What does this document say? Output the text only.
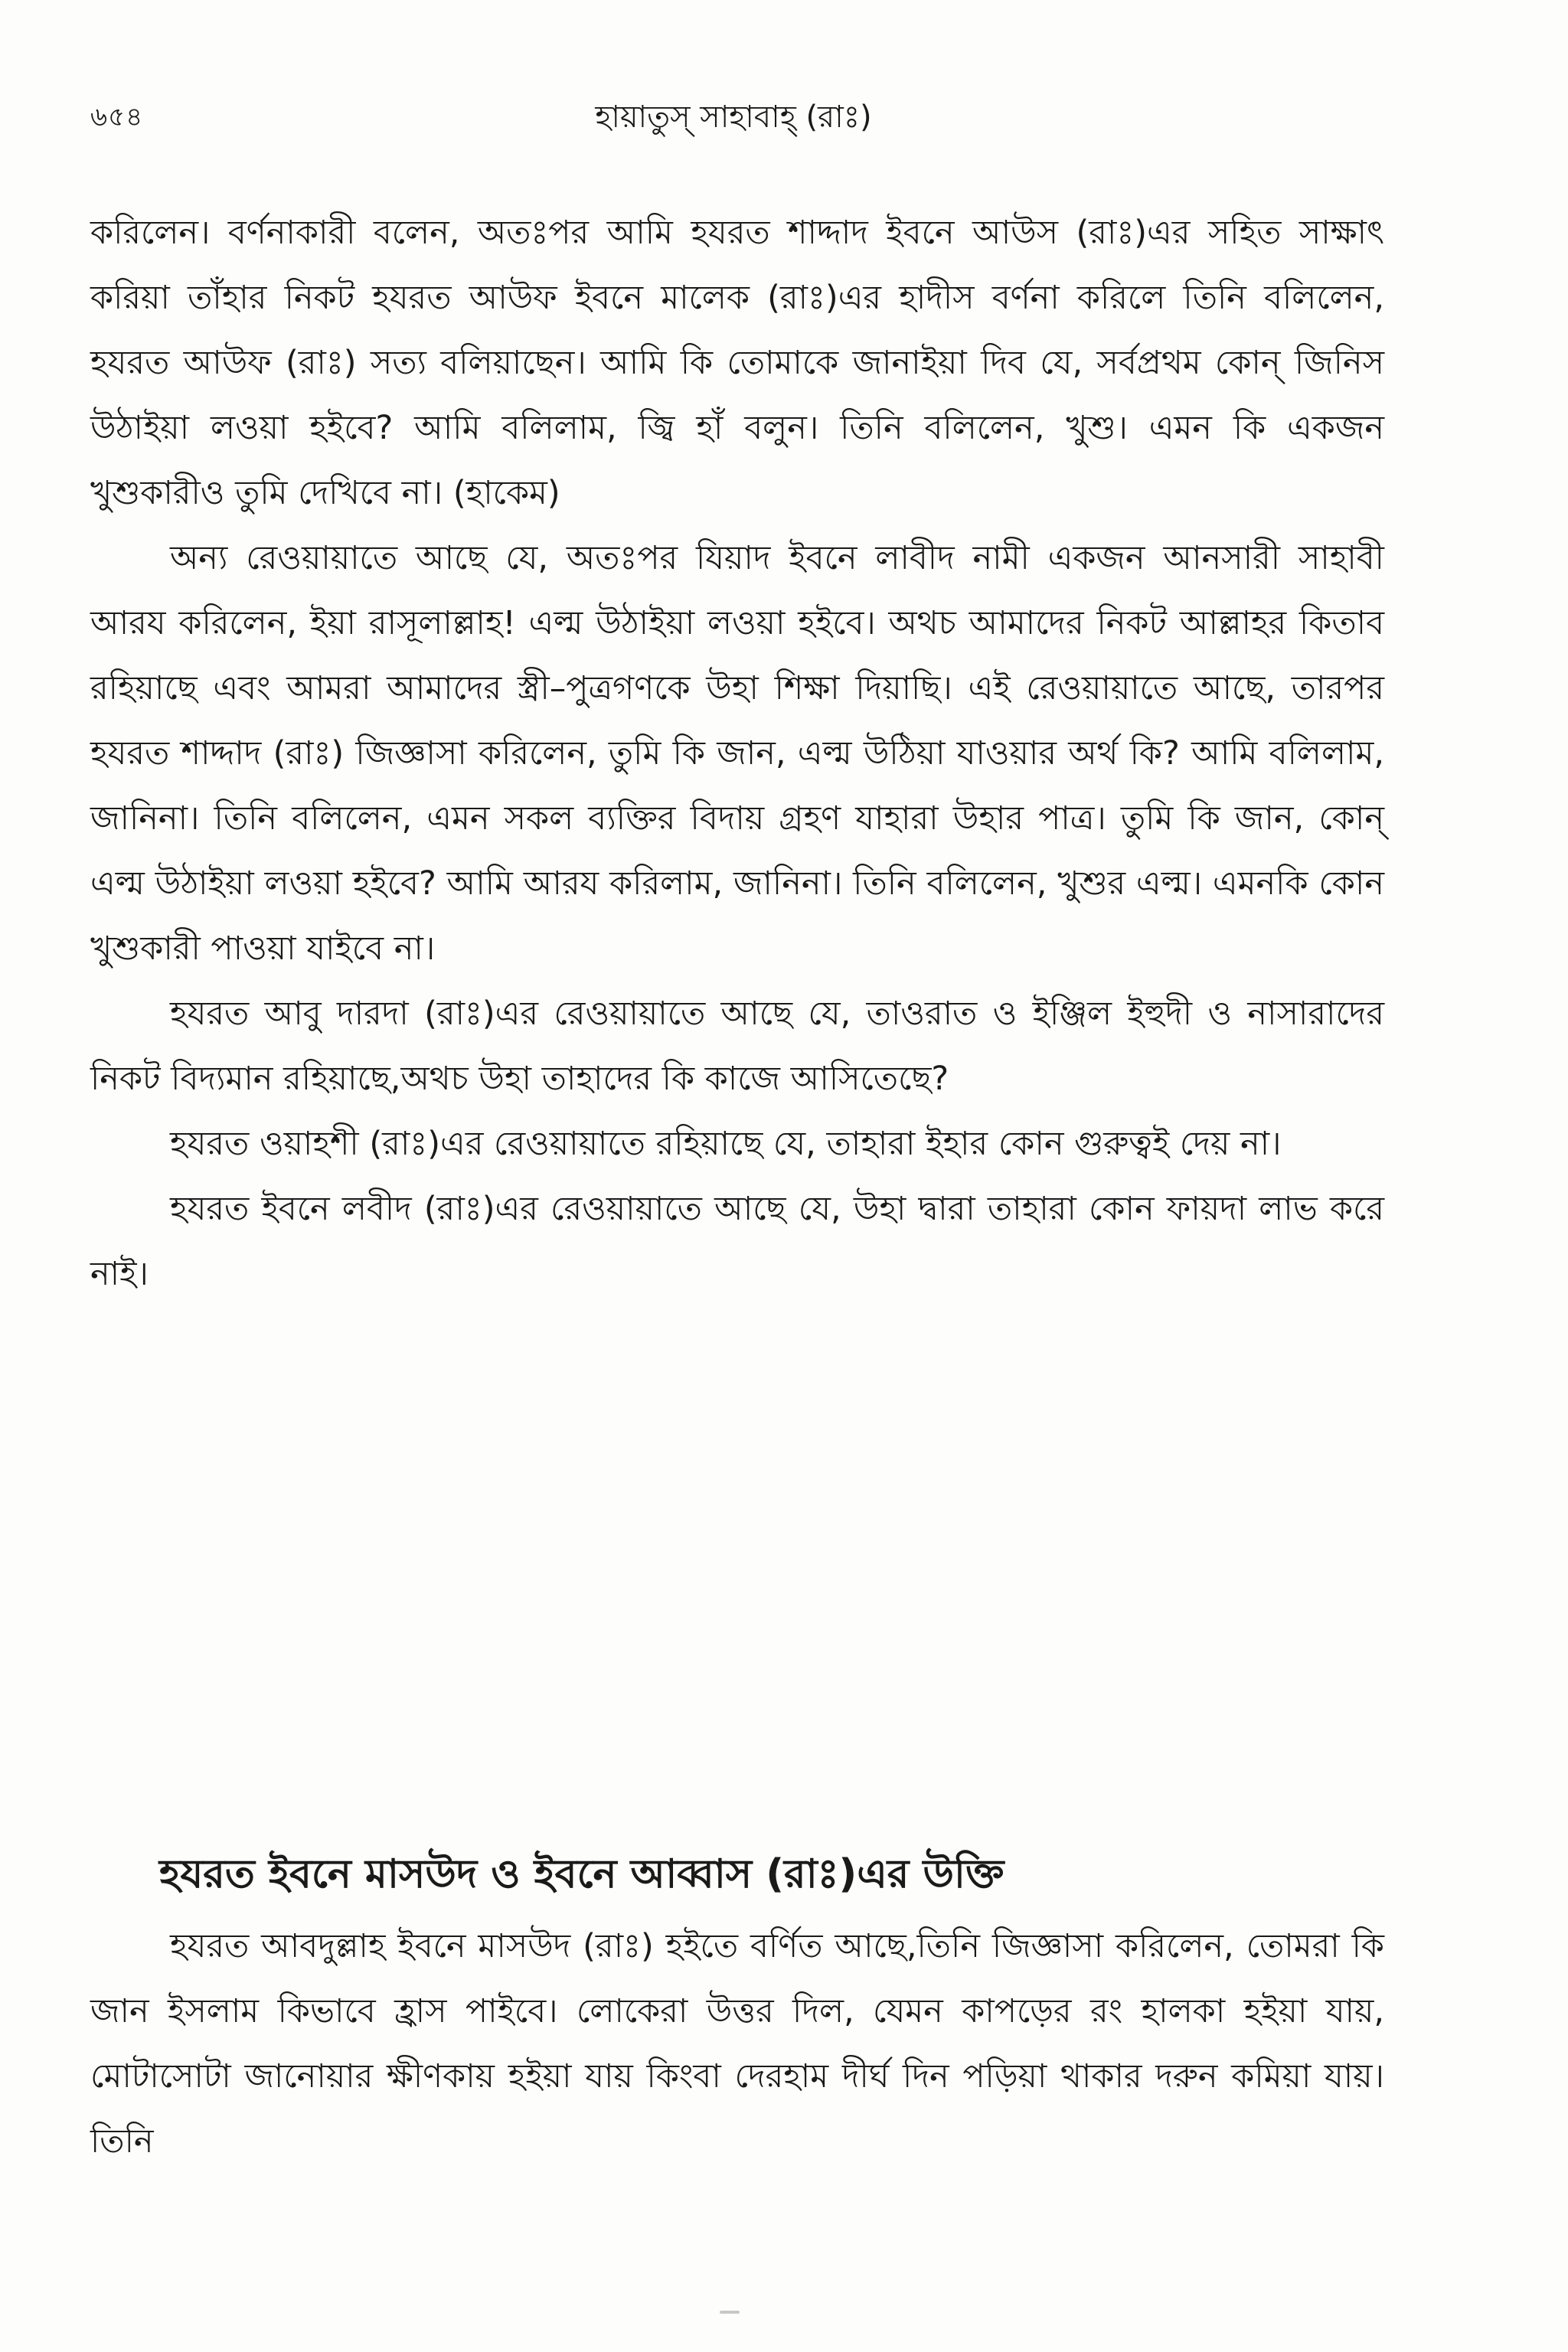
৬৫৪	হায়াতুস্ সাহাবাহ্ (রাঃ)

করিলেন। বর্ণনাকারী বলেন, অতঃপর আমি হযরত শাদ্দাদ ইবনে আউস (রাঃ)এর সহিত সাক্ষাৎ করিয়া তাঁহার নিকট হযরত আউফ ইবনে মালেক (রাঃ)এর হাদীস বর্ণনা করিলে তিনি বলিলেন, হযরত আউফ (রাঃ) সত্য বলিয়াছেন। আমি কি তোমাকে জানাইয়া দিব যে, সর্বপ্রথম কোন্ জিনিস উঠাইয়া লওয়া হইবে? আমি বলিলাম, জ্বি হাঁ বলুন। তিনি বলিলেন, খুশু। এমন কি একজন খুশুকারীও তুমি দেখিবে না। (হাকেম)

অন্য রেওয়ায়াতে আছে যে, অতঃপর যিয়াদ ইবনে লাবীদ নামী একজন আনসারী সাহাবী আরয করিলেন, ইয়া রাসূলাল্লাহ! এল্ম উঠাইয়া লওয়া হইবে। অথচ আমাদের নিকট আল্লাহর কিতাব রহিয়াছে এবং আমরা আমাদের স্ত্রী–পুত্রগণকে উহা শিক্ষা দিয়াছি। এই রেওয়ায়াতে আছে, তারপর হযরত শাদ্দাদ (রাঃ) জিজ্ঞাসা করিলেন, তুমি কি জান, এল্ম উঠিয়া যাওয়ার অর্থ কি? আমি বলিলাম, জানিনা। তিনি বলিলেন, এমন সকল ব্যক্তির বিদায় গ্রহণ যাহারা উহার পাত্র। তুমি কি জান, কোন্ এল্ম উঠাইয়া লওয়া হইবে? আমি আরয করিলাম, জানিনা। তিনি বলিলেন, খুশুর এল্ম। এমনকি কোন খুশুকারী পাওয়া যাইবে না।

হযরত আবু দারদা (রাঃ)এর রেওয়ায়াতে আছে যে, তাওরাত ও ইঞ্জিল ইহুদী ও নাসারাদের নিকট বিদ্যমান রহিয়াছে,অথচ উহা তাহাদের কি কাজে আসিতেছে?

হযরত ওয়াহশী (রাঃ)এর রেওয়ায়াতে রহিয়াছে যে, তাহারা ইহার কোন গুরুত্বই দেয় না।

হযরত ইবনে লবীদ (রাঃ)এর রেওয়ায়াতে আছে যে, উহা দ্বারা তাহারা কোন ফায়দা লাভ করে নাই।

হযরত ইবনে মাসউদ ও ইবনে আব্বাস (রাঃ)এর উক্তি

হযরত আবদুল্লাহ ইবনে মাসউদ (রাঃ) হইতে বর্ণিত আছে,তিনি জিজ্ঞাসা করিলেন, তোমরা কি জান ইসলাম কিভাবে হ্রাস পাইবে। লোকেরা উত্তর দিল, যেমন কাপড়ের রং হালকা হইয়া যায়, মোটাসোটা জানোয়ার ক্ষীণকায় হইয়া যায় কিংবা দেরহাম দীর্ঘ দিন পড়িয়া থাকার দরুন কমিয়া যায়। তিনি
